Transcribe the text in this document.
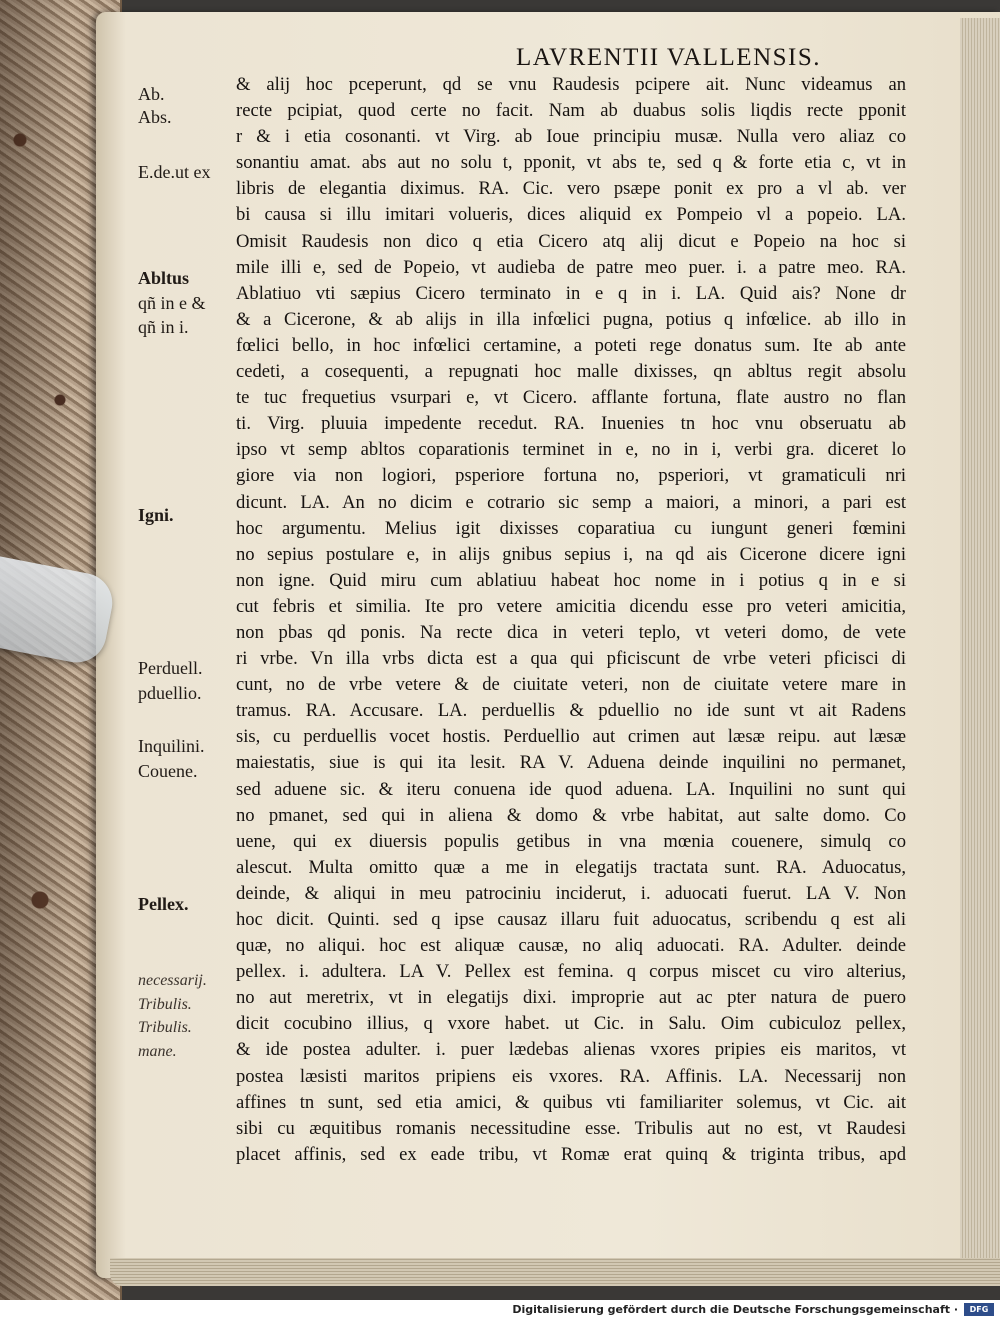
LAVRENTII VALLENSIS.
& alij hoc pceperunt, qd se vnu Raudesis pcipere ait. Nunc videamus an
recte pcipiat, quod certe no facit. Nam ab duabus solis liqdis recte pponit
r & i etia cosonanti. vt Virg. ab Ioue principiu musæ. Nulla vero aliaz co
sonantiu amat. abs aut no solu t, pponit, vt abs te, sed q & forte etia c, vt in
libris de elegantia diximus. RA. Cic. vero psæpe ponit ex pro a vl ab. ver
bi causa si illu imitari volueris, dices aliquid ex Pompeio vl a popeio. LA.
Omisit Raudesis non dico q etia Cicero atq alij dicut e Popeio na hoc si
mile illi e, sed de Popeio, vt audieba de patre meo puer. i. a patre meo. RA.
Ablatiuo vti sæpius Cicero terminato in e q in i. LA. Quid ais? None dr
& a Cicerone, & ab alijs in illa infœlici pugna, potius q infœlice. ab illo in
fœlici bello, in hoc infœlici certamine, a poteti rege donatus sum. Ite ab ante
cedeti, a cosequenti, a repugnati hoc malle dixisses, qn abltus regit absolu
te tuc frequetius vsurpari e, vt Cicero. afflante fortuna, flate austro no flan
ti. Virg. pluuia impedente recedut. RA. Inuenies tn hoc vnu obseruatu ab
ipso vt semp abltos coparationis terminet in e, no in i, verbi gra. diceret lo
giore via non logiori, psperiore fortuna no, psperiori, vt gramaticuli nri
dicunt. LA. An no dicim e cotrario sic semp a maiori, a minori, a pari est
hoc argumentu. Melius igit dixisses coparatiua cu iungunt generi fœmini
no sepius postulare e, in alijs gnibus sepius i, na qd ais Cicerone dicere igni
non igne. Quid miru cum ablatiuu habeat hoc nome in i potius q in e si
cut febris et similia. Ite pro vetere amicitia dicendu esse pro veteri amicitia,
non pbas qd ponis. Na recte dica in veteri teplo, vt veteri domo, de vete
ri vrbe. Vn illa vrbs dicta est a qua qui pficiscunt de vrbe veteri pficisci di
cunt, no de vrbe vetere & de ciuitate veteri, non de ciuitate vetere mare in
tramus. RA. Accusare. LA. perduellis & pduellio no ide sunt vt ait Radens
sis, cu perduellis vocet hostis. Perduellio aut crimen aut læsæ reipu. aut læsæ
maiestatis, siue is qui ita lesit. RA V. Aduena deinde inquilini no permanet,
sed aduene sic. & iteru conuena ide quod aduena. LA. Inquilini no sunt qui
no pmanet, sed qui in aliena & domo & vrbe habitat, aut salte domo. Co
uene, qui ex diuersis populis getibus in vna mœnia couenere, simulq co
alescut. Multa omitto quæ a me in elegatijs tractata sunt. RA. Aduocatus,
deinde, & aliqui in meu patrociniu inciderut, i. aduocati fuerut. LA V. Non
hoc dicit. Quinti. sed q ipse causaz illaru fuit aduocatus, scribendu q est ali
quæ, no aliqui. hoc est aliquæ causæ, no aliq aduocati. RA. Adulter. deinde
pellex. i. adultera. LA V. Pellex est femina. q corpus miscet cu viro alterius,
no aut meretrix, vt in elegatijs dixi. improprie aut ac pter natura de puero
dicit cocubino illius, q vxore habet. ut Cic. in Salu. Oim cubiculoz pellex,
& ide postea adulter. i. puer lædebas alienas vxores pripies eis maritos, vt
postea læsisti maritos pripiens eis vxores. RA. Affinis. LA. Necessarij non
affines tn sunt, sed etia amici, & quibus vti familiariter solemus, vt Cic. ait
sibi cu æquitibus romanis necessitudine esse. Tribulis aut no est, vt Raudesi
placet affinis, sed ex eade tribu, vt Romæ erat quinq & triginta tribus, apd
Ab.
Abs.
E.de.ut ex
Abltus
qñ in e &
qñ in i.
Igni.
Perduell.
pduellio.
Inquilini.
Couene.
Pellex.
necessarij.
Tribulis.
Tribulis.
mane.
Digitalisierung gefördert durch die Deutsche Forschungsgemeinschaft ·	DFG
